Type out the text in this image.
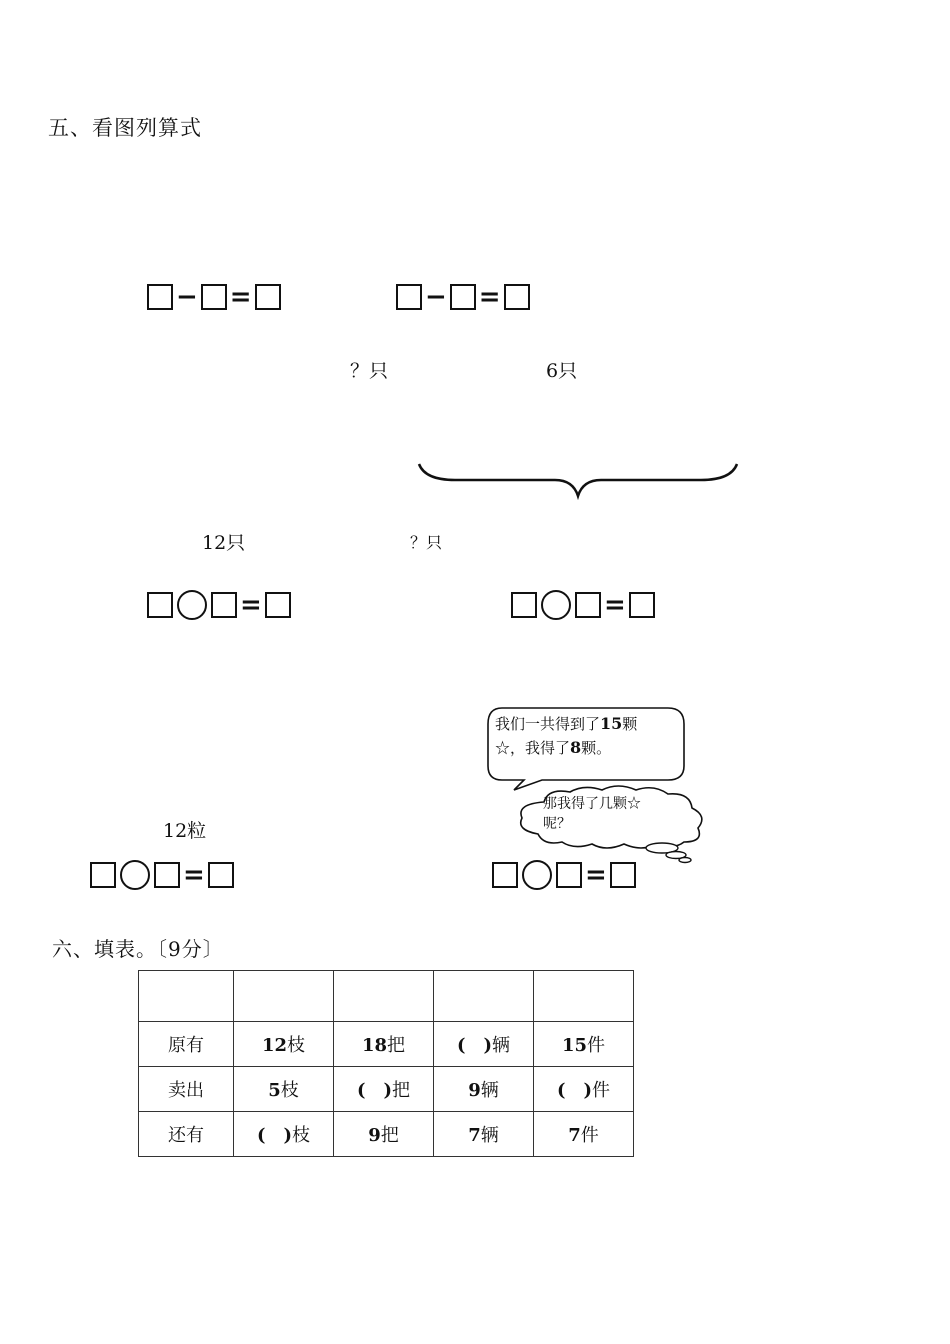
五、看图列算式
− =	− =
？只	6只
12只	？只
=	=
我们一共得到了15颗
☆，我得了8颗。
那我得了几颗☆
呢？
12粒
=	=
六、填表。〔9分〕

原有	12枝	18把	(　)辆	15件
卖出	5枝	(　)把	9辆	(　)件
还有	(　)枝	9把	7辆	7件
